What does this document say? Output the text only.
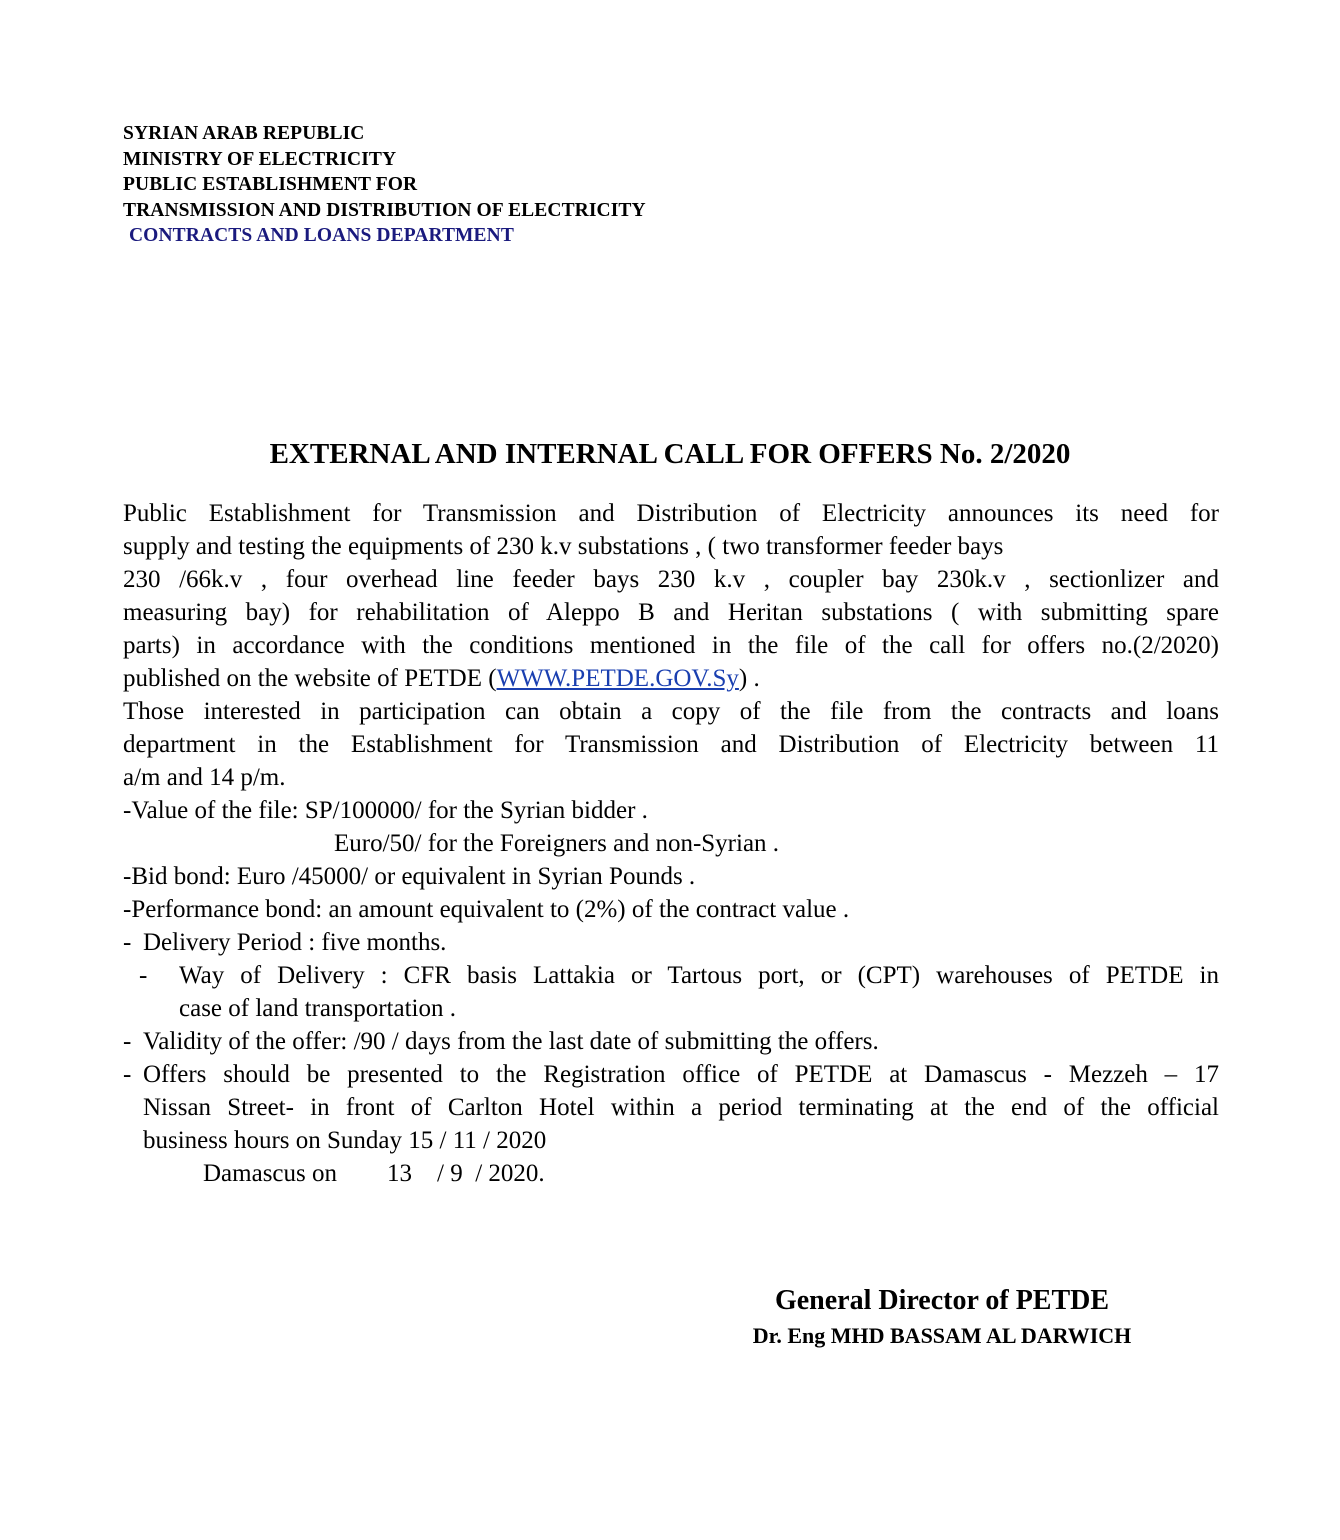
SYRIAN ARAB REPUBLIC
MINISTRY OF ELECTRICITY
PUBLIC ESTABLISHMENT FOR
TRANSMISSION AND DISTRIBUTION OF ELECTRICITY
CONTRACTS AND LOANS DEPARTMENT
EXTERNAL AND INTERNAL CALL FOR OFFERS No. 2/2020
Public Establishment for Transmission and Distribution of Electricity announces its need for
supply and testing the equipments of 230 k.v substations , ( two transformer feeder bays
230 /66k.v , four overhead line feeder bays 230 k.v , coupler bay 230k.v , sectionlizer and
measuring bay) for rehabilitation of Aleppo B and Heritan substations ( with submitting spare
parts) in accordance with the conditions mentioned in the file of the call for offers no.(2/2020)
published on the website of PETDE (WWW.PETDE.GOV.Sy) .
Those interested in participation can obtain a copy of the file from the contracts and loans
department in the Establishment for Transmission and Distribution of Electricity between 11
a/m and 14 p/m.
-Value of the file: SP/100000/ for the Syrian bidder .
Euro/50/ for the Foreigners and non-Syrian .
-Bid bond: Euro /45000/ or equivalent in Syrian Pounds .
-Performance bond: an amount equivalent to (2%) of the contract value .
- Delivery Period : five months.
-	Way of Delivery : CFR basis Lattakia or Tartous port, or (CPT) warehouses of PETDE in
case of land transportation .
- Validity of the offer: /90 / days from the last date of submitting the offers.
- Offers should be presented to the Registration office of PETDE at Damascus - Mezzeh – 17
Nissan Street- in front of Carlton Hotel within a period terminating at the end of the official
business hours on Sunday 15 / 11 / 2020
Damascus on        13    / 9  / 2020.
General Director of PETDE
Dr. Eng MHD BASSAM AL DARWICH
